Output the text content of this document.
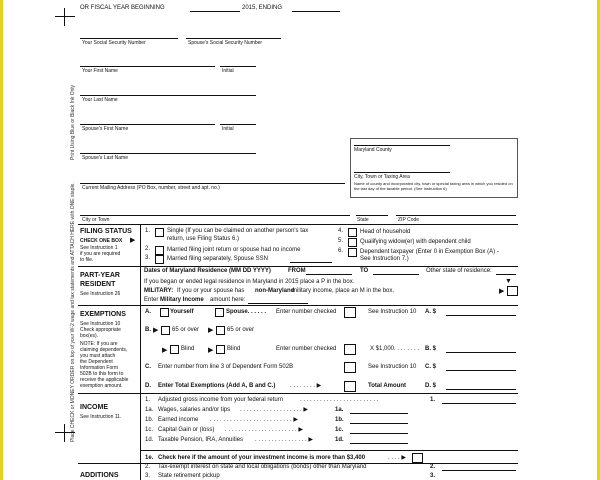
OR FISCAL YEAR BEGINNING	2015, ENDING
Your Social Security Number	Spouse's Social Security Number
Your First Name	Initial
Your Last Name
Spouse's First Name	Initial
Spouse's Last Name
Current Mailing Address (PO Box, number, street and apt. no.)
Print Using Blue or Black Ink Only	Maryland County
City, Town or Taxing Area
Name of county and incorporated city, town or special taxing area in which you resided on the last day of the taxable period. (See Instruction 6)
City or Town	State	ZIP Code
FILING STATUS
CHECK ONE BOX ▶
See Instruction 1
if you are required
to file.
1.	Single (If you can be claimed on another person's tax
return, use Filing Status 6.)
2.	Married filing joint return or spouse had no income
3.	Married filing separately, Spouse SSN
4.	Head of household
5.	Qualifying widow(er) with dependent child
6.	Dependent taxpayer (Enter 0 in Exemption Box (A) -
See Instruction 7.)
PART-YEAR
RESIDENT
See Instruction 26
Dates of Maryland Residence (MM DD YYYY)	FROM	TO	Other state of residence:
If you began or ended legal residence in Maryland in 2015 place a P in the box.	▼
MILITARY: If you or your spouse has non-Maryland
military income, place an M in the box.	▶
Enter Military Income amount here:
EXEMPTIONS
See Instruction 10
Check appropriate
box(es).
NOTE: If you are
claiming dependents,
you must attach
the Dependent
Information Form
502B to this form to
receive the applicable
exemption amount.
Place CHECK or MONEY ORDER on top of your W-2 wage and tax statements and ATTACH HERE with ONE staple.	A.	Yourself	Spouse. . . . . . Enter number checked	See Instruction 10 A. $
B. ▶ 65 or over ▶ 65 or over
▶ Blind ▶ Blind	Enter number checked	X $1,000. . . . . . . . B. $
C. Enter number from line 3 of Dependent Form 502B	See Instruction 10 C. $
D. Enter Total Exemptions (Add A, B and C.) . . . . . . . . ▶	Total Amount	D. $
INCOME
See Instruction 11.
1. Adjusted gross income from your federal return	. . . . . . . . . . . . . . . . . . . . . . . .	1.
1a. Wages, salaries and/or tips . . . . . . . . . . . . . . . . . . . ▶	1a.
1b. Earned income . . . . . . . . . . . . . . . . . . . . . . . . . ▶	1b.
1c. Capital Gain or (loss) . . . . . . . . . . . . . . . . . . . . . . ▶	1c.
1d. Taxable Pension, IRA, Annuities . . . . . . . . . . . . . . . . ▶	1d.
1e. Check here if the amount of your investment income is more than $3,400	. . . . ▶
ADDITIONS
2. Tax-exempt interest on state and local obligations (bonds) other than Maryland	2.
3. State retirement pickup	3.
